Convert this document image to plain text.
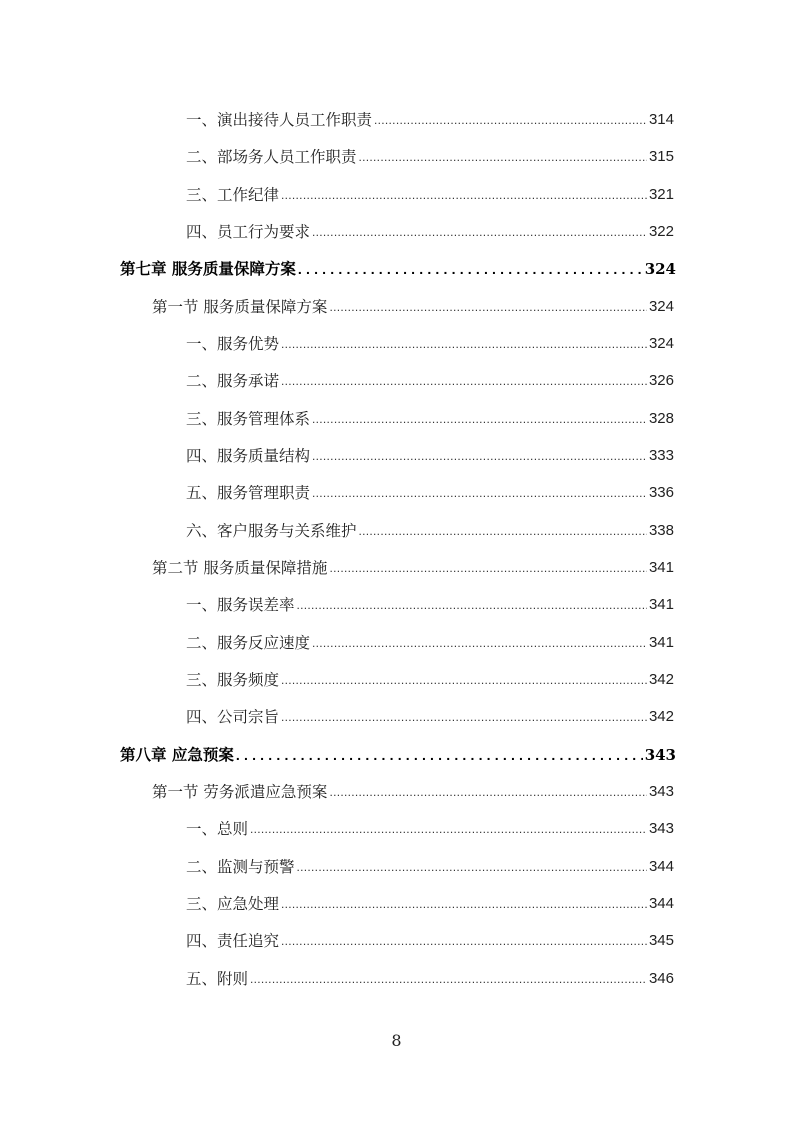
一、演出接待人员工作职责 .....	314
二、部场务人员工作职责 .....	315
三、工作纪律 .....	321
四、员工行为要求 .....	322
第七章 服务质量保障方案 .....	324
第一节 服务质量保障方案 .....	324
一、服务优势 .....	324
二、服务承诺 .....	326
三、服务管理体系 .....	328
四、服务质量结构 .....	333
五、服务管理职责 .....	336
六、客户服务与关系维护 .....	338
第二节 服务质量保障措施 .....	341
一、服务误差率 .....	341
二、服务反应速度 .....	341
三、服务频度 .....	342
四、公司宗旨 .....	342
第八章 应急预案 .....	343
第一节 劳务派遣应急预案 .....	343
一、总则 .....	343
二、监测与预警 .....	344
三、应急处理 .....	344
四、责任追究 .....	345
五、附则 .....	346
8
